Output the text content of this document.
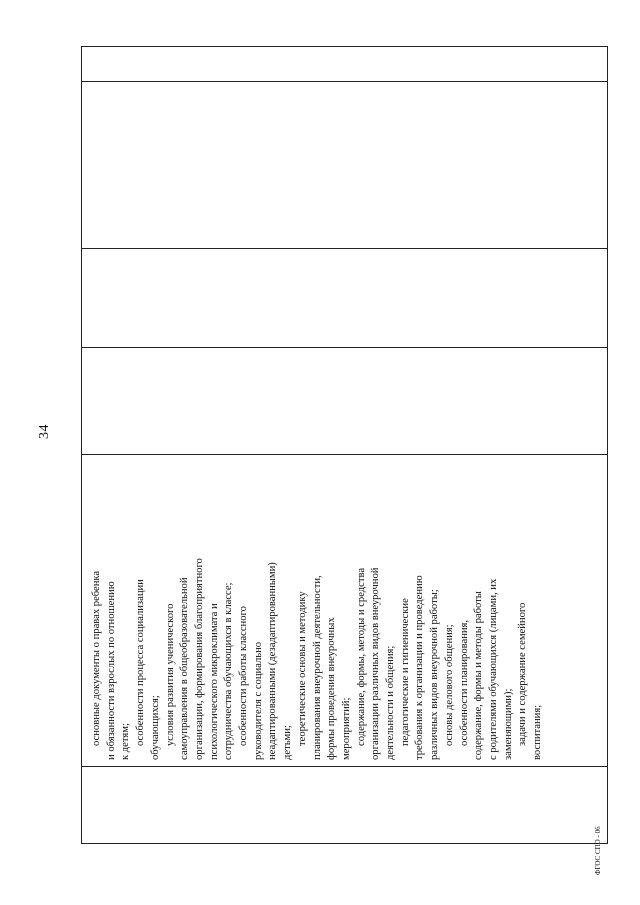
34
основные документы о правах ребенка и обязанности взрослых по отношению к детям; особенности процесса социализации обучающихся; условия развития ученического самоуправления в общеобразовательной организации, формирования благоприятного психологического микроклимата и сотрудничества обучающихся в классе; особенности работы классного руководителя с социально неадаптированными (дезадаптированными) детьми; теоретические основы и методику планирования внеурочной деятельности, формы проведения внеурочных мероприятий; содержание, формы, методы и средства организации различных видов внеурочной деятельности и общения; педагогические и гигиенические требования к организации и проведению различных видов внеурочной работы; основы делового общения; особенности планирования, содержание, формы и методы работы с родителями обучающихся (лицами, их заменяющими); задачи и содержание семейного воспитания;
ФГОС СПО - 06
